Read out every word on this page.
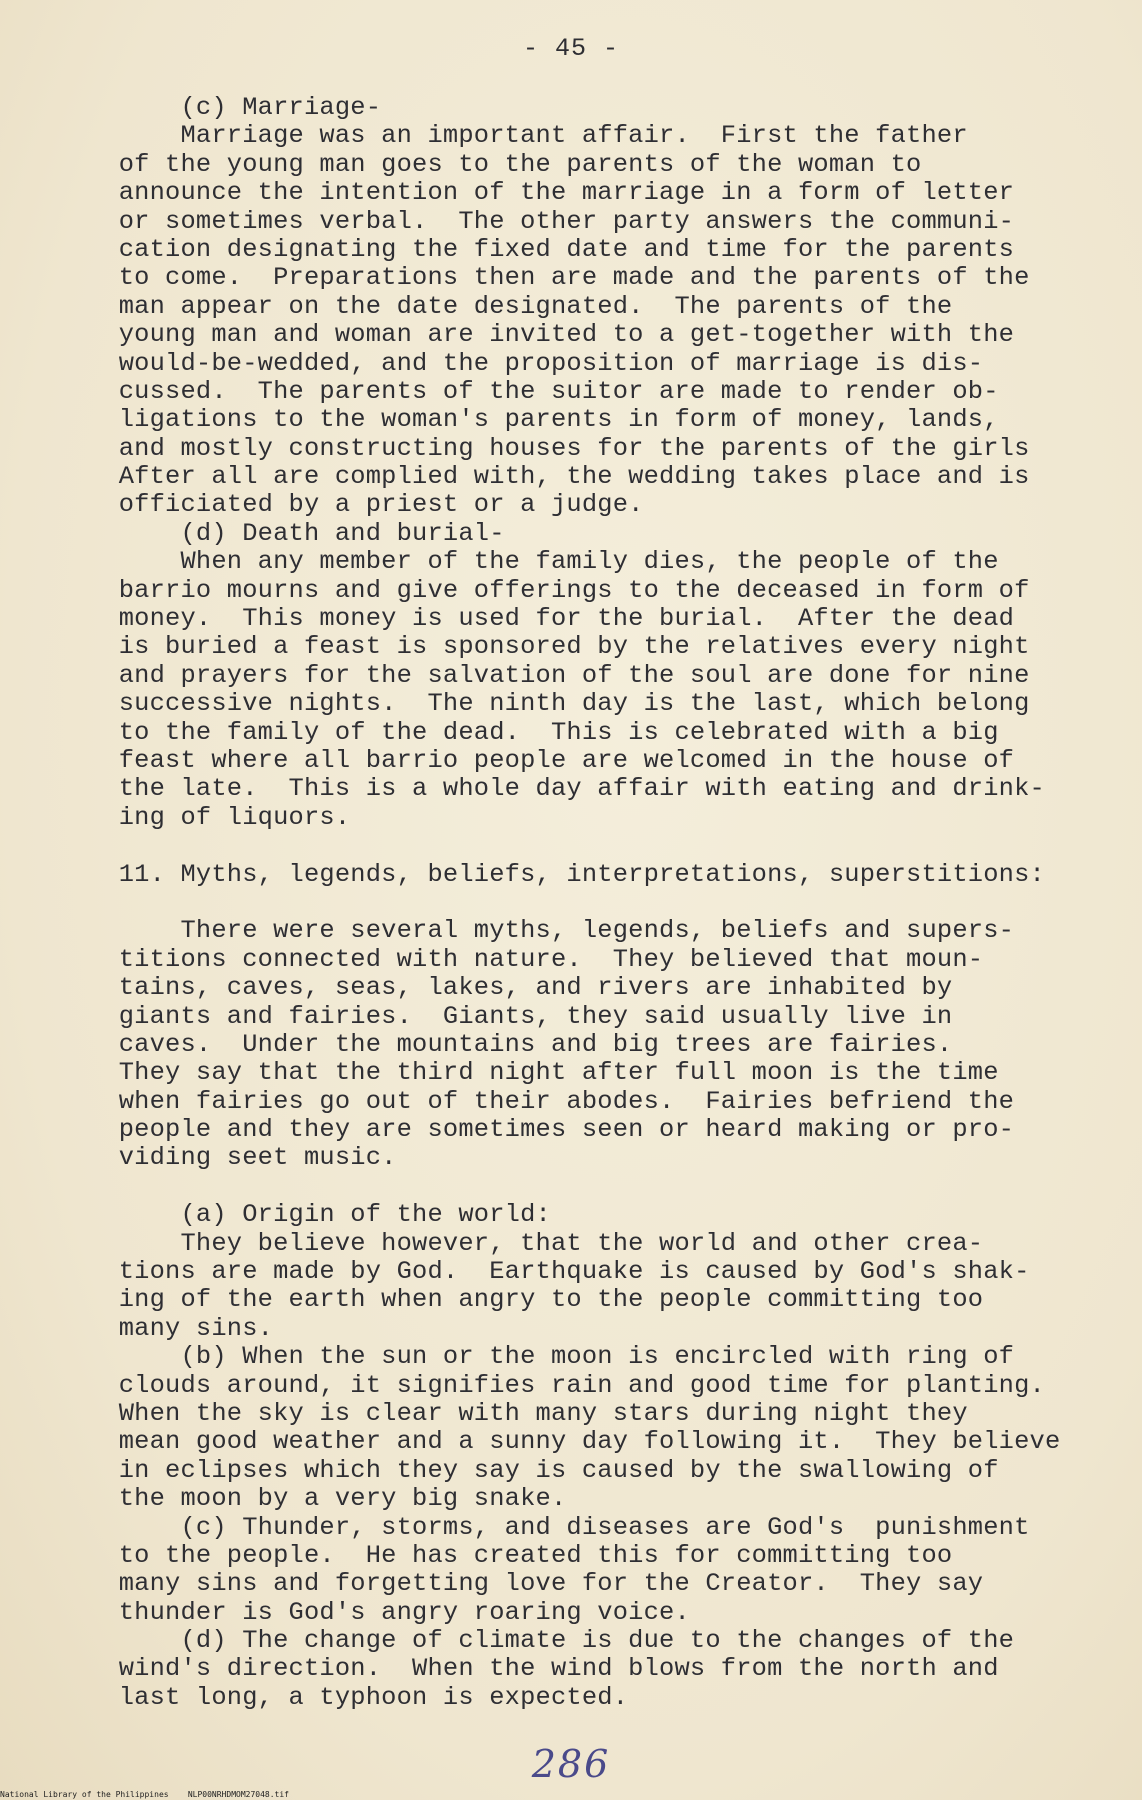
- 45 -
(c) Marriage-
Marriage was an important affair.  First the father
of the young man goes to the parents of the woman to
announce the intention of the marriage in a form of letter
or sometimes verbal.  The other party answers the communi-
cation designating the fixed date and time for the parents
to come.  Preparations then are made and the parents of the
man appear on the date designated.  The parents of the
young man and woman are invited to a get-together with the
would-be-wedded, and the proposition of marriage is dis-
cussed.  The parents of the suitor are made to render ob-
ligations to the woman's parents in form of money, lands,
and mostly constructing houses for the parents of the girls
After all are complied with, the wedding takes place and is
officiated by a priest or a judge.
(d) Death and burial-
When any member of the family dies, the people of the
barrio mourns and give offerings to the deceased in form of
money.  This money is used for the burial.  After the dead
is buried a feast is sponsored by the relatives every night
and prayers for the salvation of the soul are done for nine
successive nights.  The ninth day is the last, which belong
to the family of the dead.  This is celebrated with a big
feast where all barrio people are welcomed in the house of
the late.  This is a whole day affair with eating and drink-
ing of liquors.
11. Myths, legends, beliefs, interpretations, superstitions:
There were several myths, legends, beliefs and supers-
titions connected with nature.  They believed that moun-
tains, caves, seas, lakes, and rivers are inhabited by
giants and fairies.  Giants, they said usually live in
caves.  Under the mountains and big trees are fairies.
They say that the third night after full moon is the time
when fairies go out of their abodes.  Fairies befriend the
people and they are sometimes seen or heard making or pro-
viding seet music.
(a) Origin of the world:
They believe however, that the world and other crea-
tions are made by God.  Earthquake is caused by God's shak-
ing of the earth when angry to the people committing too
many sins.
(b) When the sun or the moon is encircled with ring of
clouds around, it signifies rain and good time for planting.
When the sky is clear with many stars during night they
mean good weather and a sunny day following it.  They believe
in eclipses which they say is caused by the swallowing of
the moon by a very big snake.
(c) Thunder, storms, and diseases are God's  punishment
to the people.  He has created this for committing too
many sins and forgetting love for the Creator.  They say
thunder is God's angry roaring voice.
(d) The change of climate is due to the changes of the
wind's direction.  When the wind blows from the north and
last long, a typhoon is expected.
286
National Library of the Philippines    NLP00NRHDMOM27048.tif
